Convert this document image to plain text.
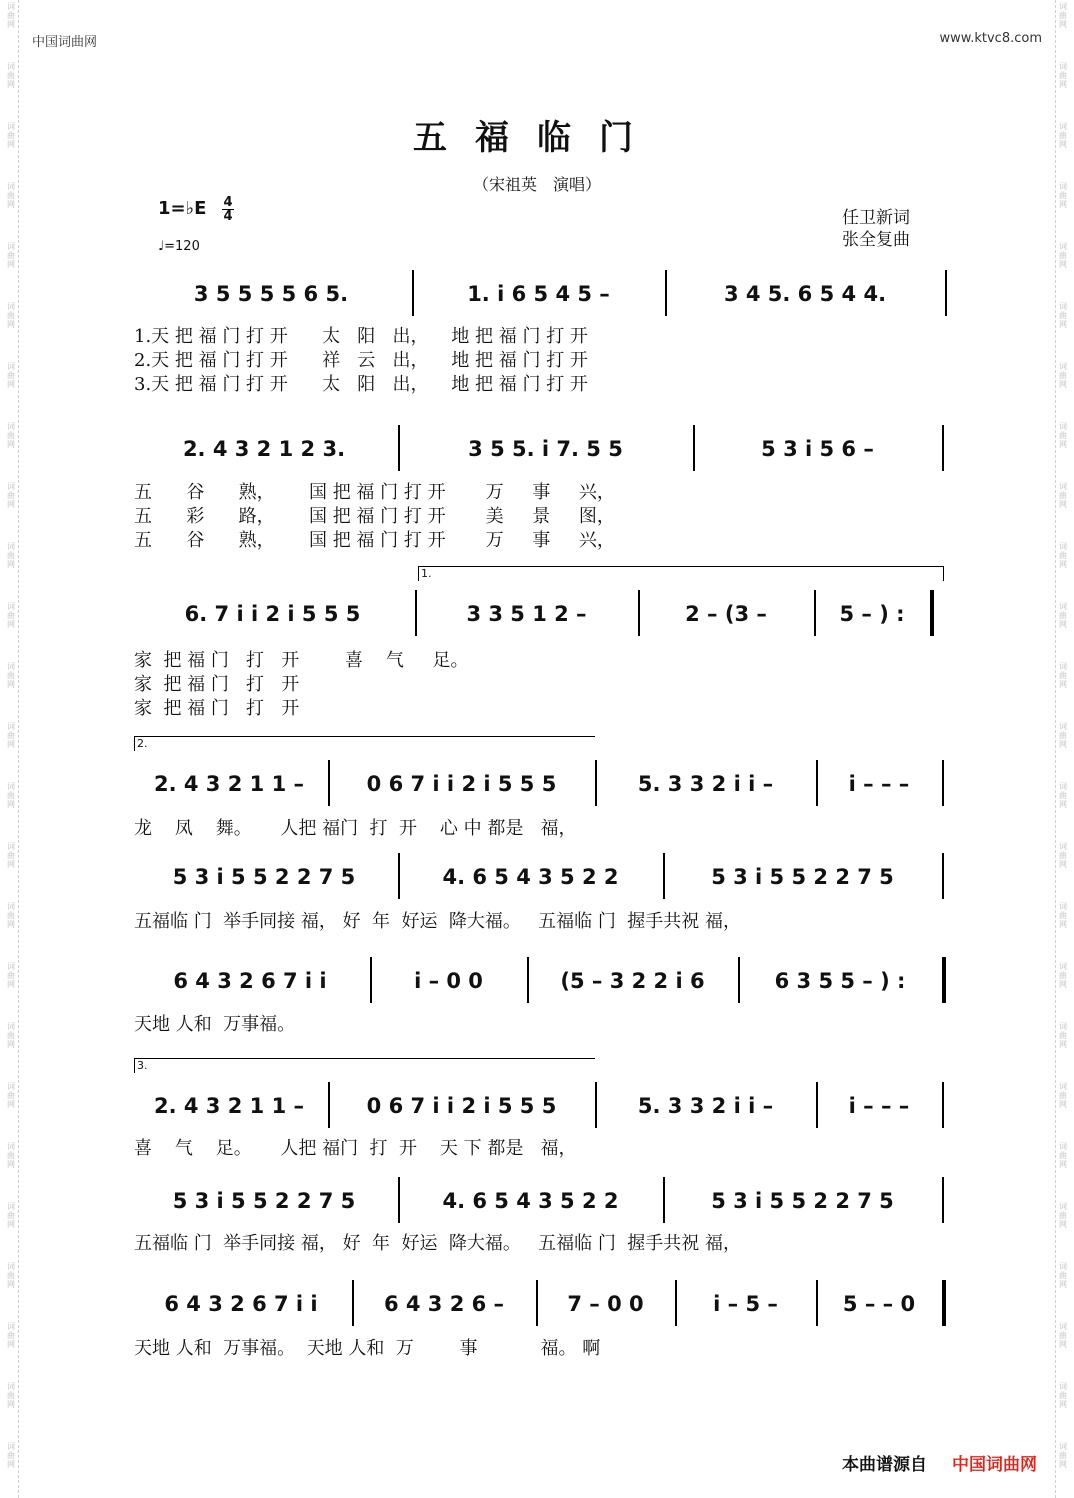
词
曲
网
词
曲
网
词
曲
网
词
曲
网
词
曲
网
词
曲
网
词
曲
网
词
曲
网
词
曲
网
词
曲
网
词
曲
网
词
曲
网
词
曲
网
词
曲
网
词
曲
网
词
曲
网
词
曲
网
词
曲
网
词
曲
网
词
曲
网
词
曲
网
词
曲
网
词
曲
网
词
曲
网
词
曲
网
词
曲
网
词
曲
网
词
曲
网
词
曲
网
词
曲
网
词
曲
网
词
曲
网
词
曲
网
词
曲
网
词
曲
网
词
曲
网
词
曲
网
词
曲
网
词
曲
网
词
曲
网
词
曲
网
词
曲
网
词
曲
网
词
曲
网
词
曲
网
词
曲
网
词
曲
网
词
曲
网
词
曲
网
词
曲
网
中国词曲网	www.ktvc8.com
五福临门
（宋祖英　演唱）
1=♭E 4
4
♩=120
任卫新词
张全复曲
3 5 5 5 5 6 5.	1. i 6 5 4 5 –	3 4 5. 6 5 4 4.
1.天 把 福 门 打 开      太   阳   出，    地 把 福 门 打 开
2.天 把 福 门 打 开      祥   云   出，    地 把 福 门 打 开
3.天 把 福 门 打 开      太   阳   出，    地 把 福 门 打 开
2. 4 3 2 1 2 3.	3 5 5. i 7. 5 5	5 3 i 5 6 –
五      谷      熟，      国 把 福 门 打 开       万     事     兴，
五      彩      路，      国 把 福 门 打 开       美     景     图，
五      谷      熟，      国 把 福 门 打 开       万     事     兴，
1.
6. 7 i i 2 i 5 5 5	3 3 5 1 2 –	2 – (3 –	5 – ) :
家  把 福 门   打   开        喜    气     足。
家  把 福 门   打   开
家  把 福 门   打   开
2.
2. 4 3 2 1 1 –	0 6 7 i i 2 i 5 5 5	5. 3 3 2 i i –	i – – –
龙    凤    舞。     人把 福门  打  开    心 中 都是   福，
5 3 i 5 5 2 2 7 5	4. 6 5 4 3 5 2 2	5 3 i 5 5 2 2 7 5
五福临 门  举手同接 福， 好  年  好运  降大福。   五福临 门  握手共祝 福，
6 4 3 2 6 7 i i	i – 0 0	(5 – 3 2 2 i 6	6 3 5 5 – ) :
天地 人和  万事福。
3.
2. 4 3 2 1 1 –	0 6 7 i i 2 i 5 5 5	5. 3 3 2 i i –	i – – –
喜    气    足。     人把 福门  打  开    天 下 都是   福，
5 3 i 5 5 2 2 7 5	4. 6 5 4 3 5 2 2	5 3 i 5 5 2 2 7 5
五福临 门  举手同接 福， 好  年  好运  降大福。   五福临 门  握手共祝 福，
6 4 3 2 6 7 i i	6 4 3 2 6 –	7 – 0 0	i – 5 –	5 – – 0
天地 人和  万事福。  天地 人和  万        事           福。 啊
本曲谱源自 中国词曲网
